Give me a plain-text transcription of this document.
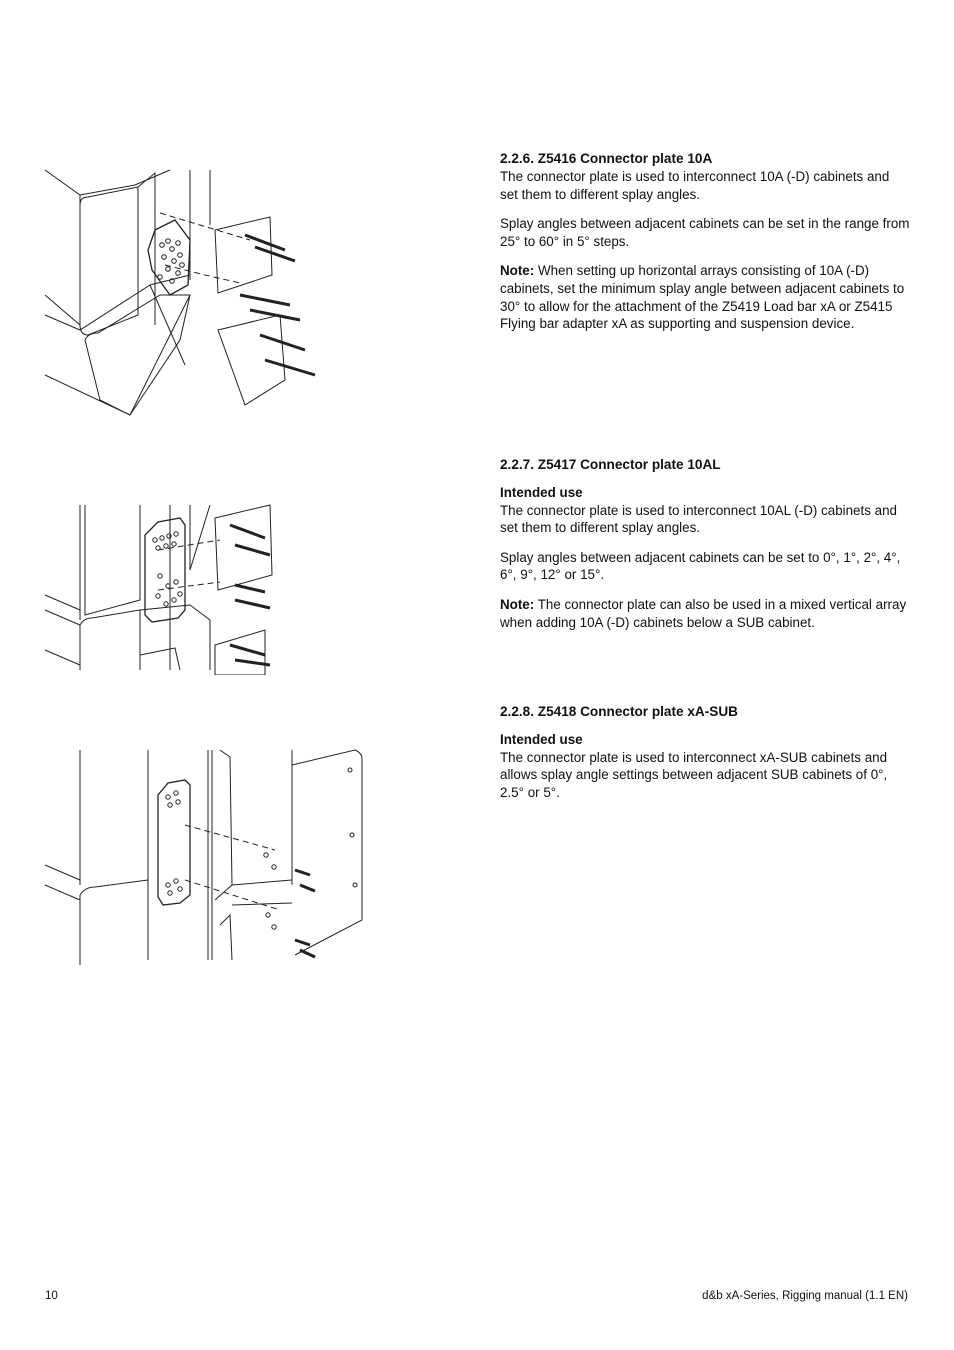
2.2.6. Z5416 Connector plate 10A

The connector plate is used to interconnect 10A (-D) cabinets and set them to different splay angles.

Splay angles between adjacent cabinets can be set in the range from 25° to 60° in 5° steps.

Note: When setting up horizontal arrays consisting of 10A (-D) cabinets, set the minimum splay angle between adjacent cabinets to 30° to allow for the attachment of the Z5419 Load bar xA or Z5415 Flying bar adapter xA as supporting and suspension device.

2.2.7. Z5417 Connector plate 10AL
Intended use

The connector plate is used to interconnect 10AL (-D) cabinets and set them to different splay angles.

Splay angles between adjacent cabinets can be set to 0°, 1°, 2°, 4°, 6°, 9°, 12° or 15°.

Note: The connector plate can also be used in a mixed vertical array when adding 10A (-D) cabinets below a SUB cabinet.

2.2.8. Z5418 Connector plate xA-SUB
Intended use

The connector plate is used to interconnect xA-SUB cabinets and allows splay angle settings between adjacent SUB cabinets of 0°, 2.5° or 5°.

10	d&b xA-Series, Rigging manual (1.1 EN)
